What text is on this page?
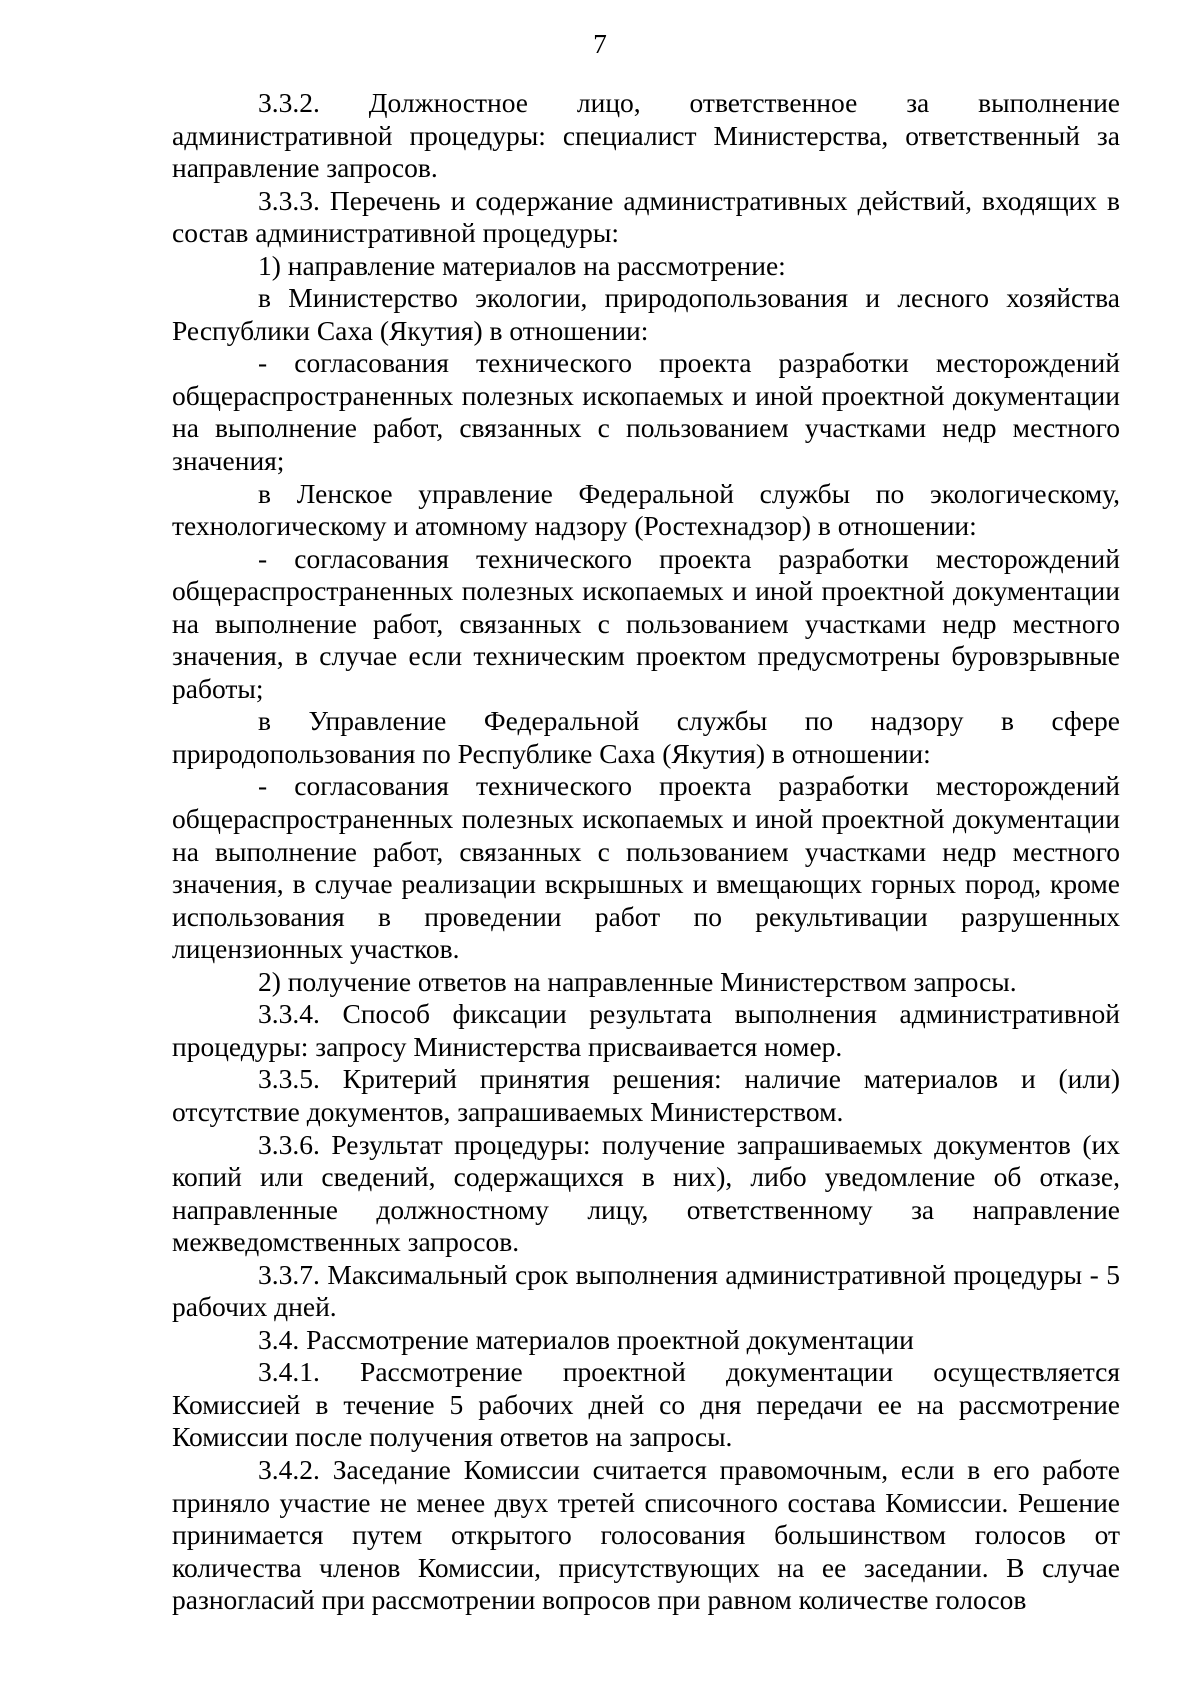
7

3.3.2. Должностное лицо, ответственное за выполнение административной процедуры: специалист Министерства, ответственный за направление запросов.

3.3.3. Перечень и содержание административных действий, входящих в состав административной процедуры:

1) направление материалов на рассмотрение:

в Министерство экологии, природопользования и лесного хозяйства Республики Саха (Якутия) в отношении:

- согласования технического проекта разработки месторождений общераспространенных полезных ископаемых и иной проектной документации на выполнение работ, связанных с пользованием участками недр местного значения;

в Ленское управление Федеральной службы по экологическому, технологическому и атомному надзору (Ростехнадзор) в отношении:

- согласования технического проекта разработки месторождений общераспространенных полезных ископаемых и иной проектной документации на выполнение работ, связанных с пользованием участками недр местного значения, в случае если техническим проектом предусмотрены буровзрывные работы;

в Управление Федеральной службы по надзору в сфере природопользования по Республике Саха (Якутия) в отношении:

- согласования технического проекта разработки месторождений общераспространенных полезных ископаемых и иной проектной документации на выполнение работ, связанных с пользованием участками недр местного значения, в случае реализации вскрышных и вмещающих горных пород, кроме использования в проведении работ по рекультивации разрушенных лицензионных участков.

2) получение ответов на направленные Министерством запросы.

3.3.4. Способ фиксации результата выполнения административной процедуры: запросу Министерства присваивается номер.

3.3.5. Критерий принятия решения: наличие материалов и (или) отсутствие документов, запрашиваемых Министерством.

3.3.6. Результат процедуры: получение запрашиваемых документов (их копий или сведений, содержащихся в них), либо уведомление об отказе, направленные должностному лицу, ответственному за направление межведомственных запросов.

3.3.7. Максимальный срок выполнения административной процедуры - 5 рабочих дней.

3.4. Рассмотрение материалов проектной документации

3.4.1. Рассмотрение проектной документации осуществляется Комиссией в течение 5 рабочих дней со дня передачи ее на рассмотрение Комиссии после получения ответов на запросы.

3.4.2. Заседание Комиссии считается правомочным, если в его работе приняло участие не менее двух третей списочного состава Комиссии. Решение принимается путем открытого голосования большинством голосов от количества членов Комиссии, присутствующих на ее заседании. В случае разногласий при рассмотрении вопросов при равном количестве голосов
